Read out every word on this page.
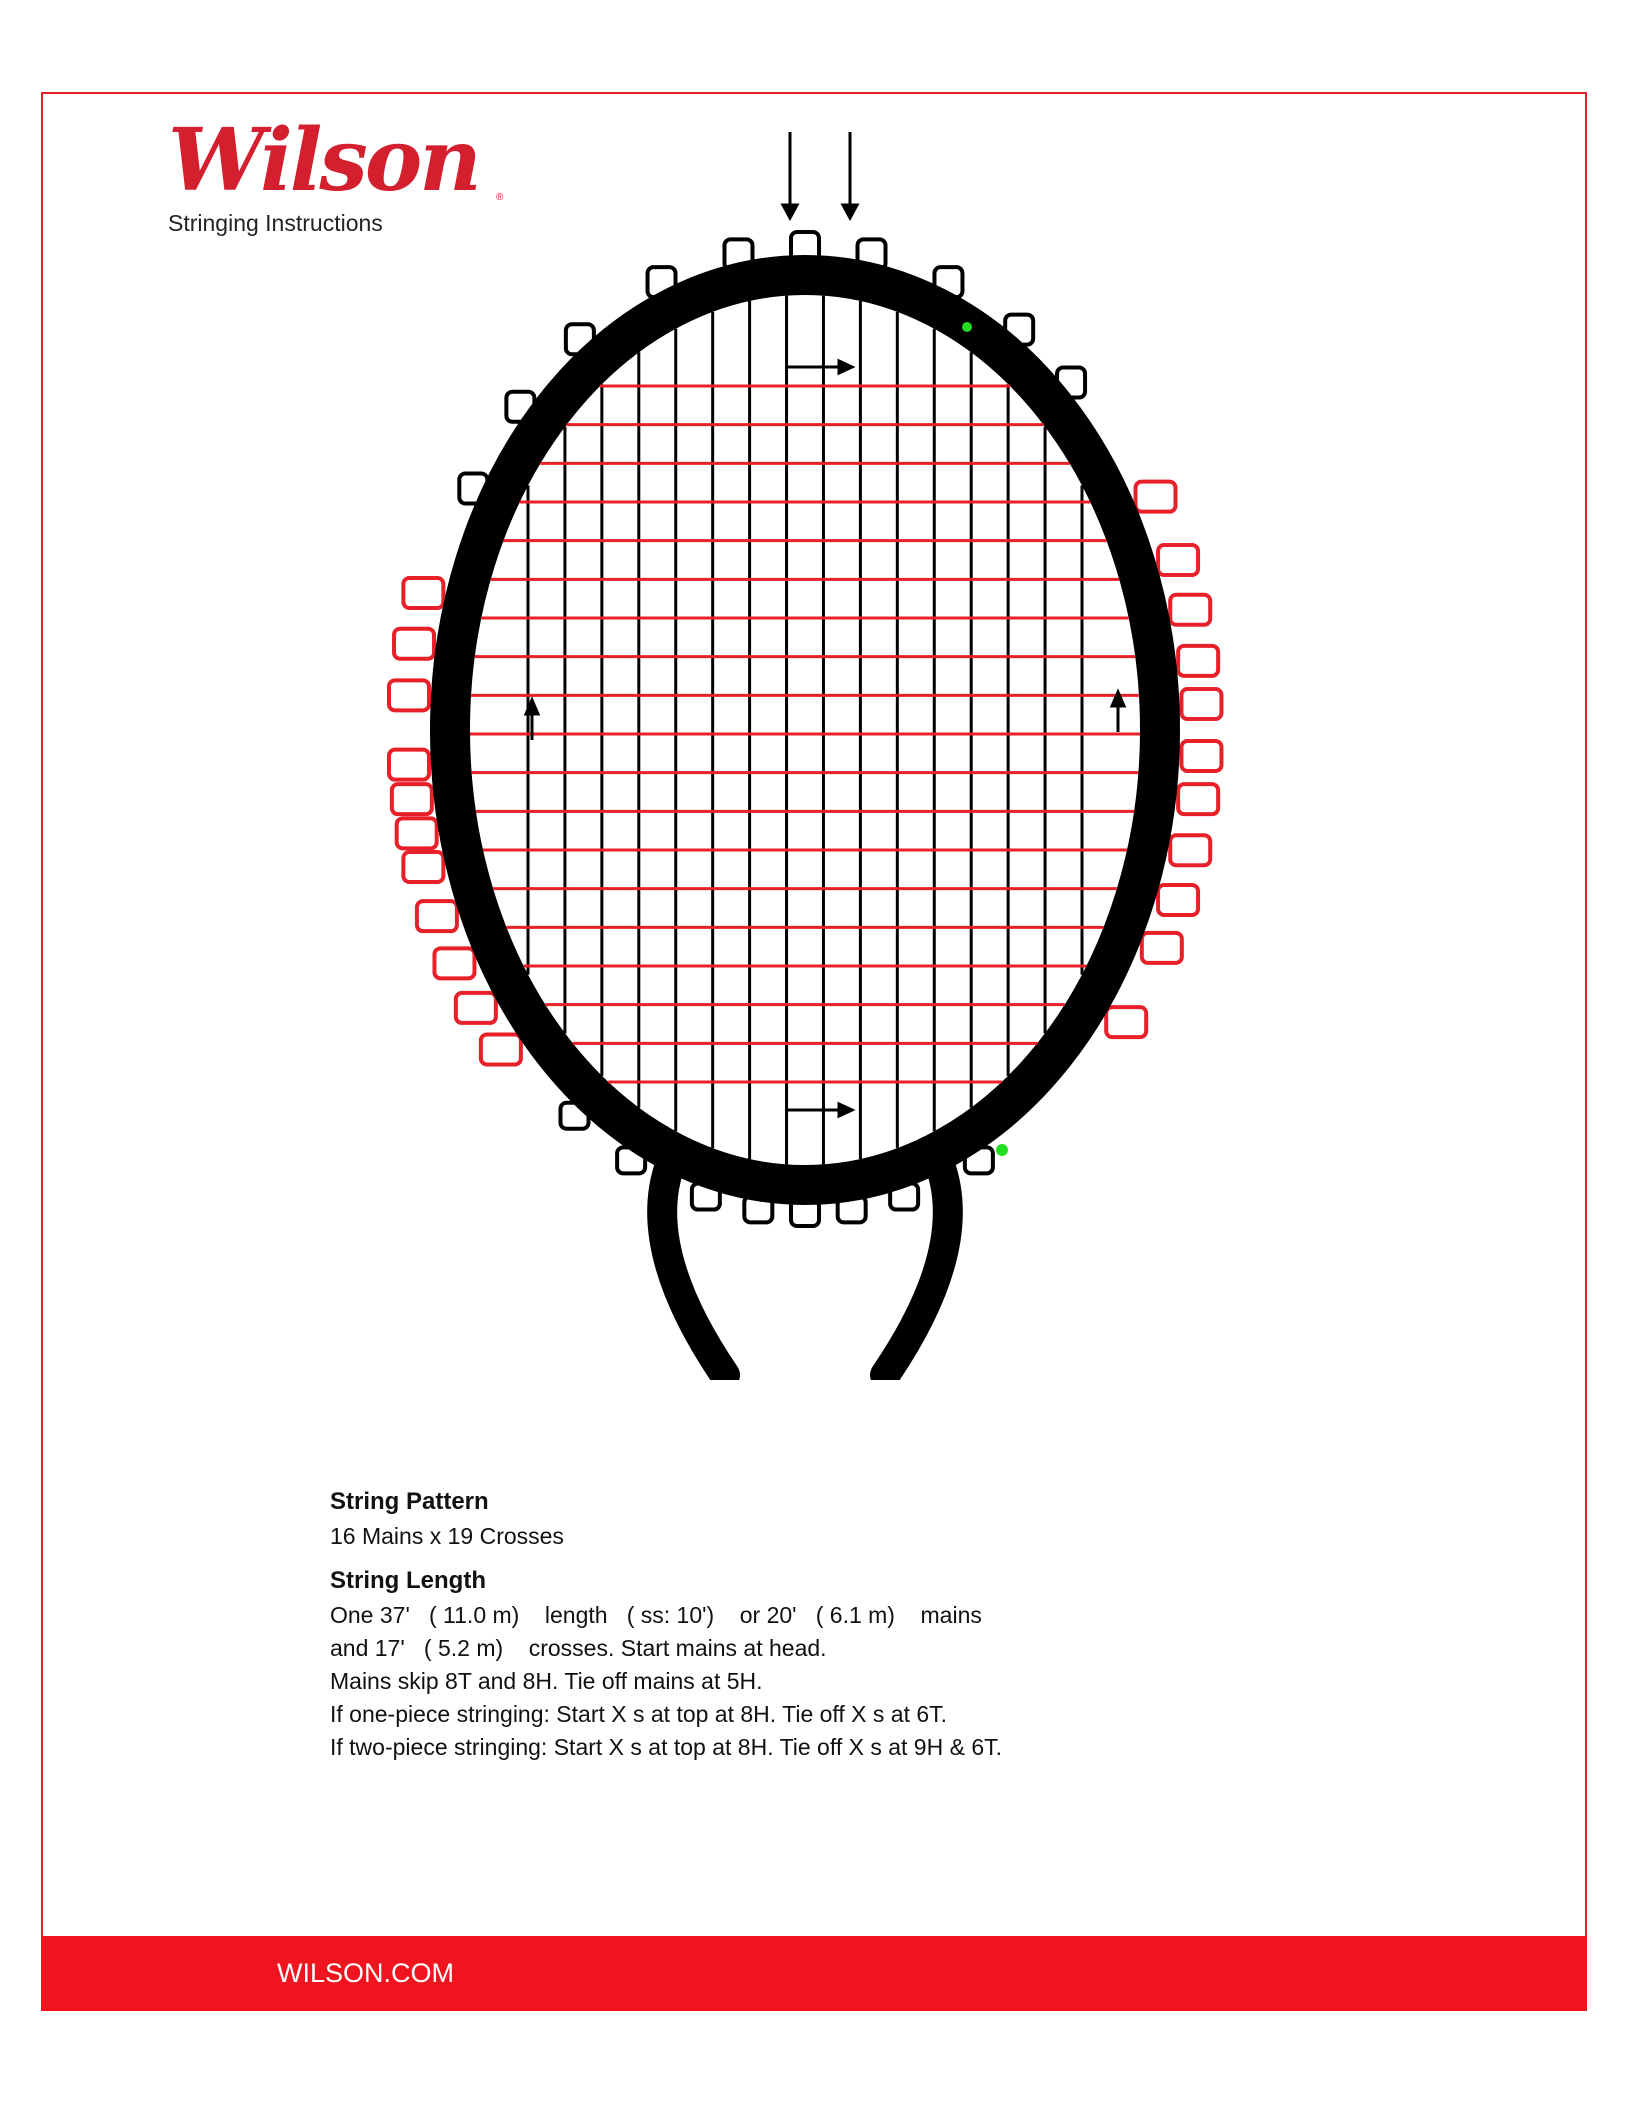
Wilson	®
Stringing Instructions

String Pattern

16 Mains x 19 Crosses

String Length

One 37'   ( 11.0 m)    length   ( ss: 10')    or 20'   ( 6.1 m)    mains

and 17'   ( 5.2 m)    crosses. Start mains at head.

Mains skip 8T and 8H. Tie off mains at 5H.

If one-piece stringing: Start X s at top at 8H. Tie off X s at 6T.

If two-piece stringing: Start X s at top at 8H. Tie off X s at 9H & 6T.

WILSON.COM
